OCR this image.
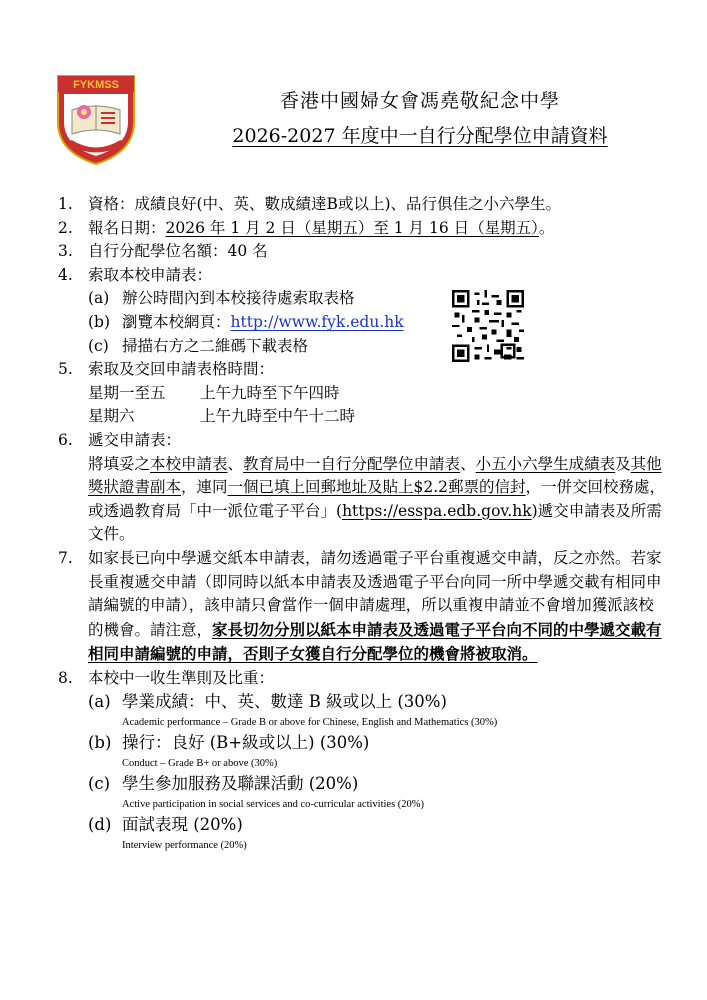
FYKMSS
香港中國婦女會馮堯敬紀念中學
2026-2027 年度中一自行分配學位申請資料
1. 資格：成績良好(中、英、數成績達B或以上)、品行俱佳之小六學生。
2. 報名日期：2026 年 1 月 2 日（星期五）至 1 月 16 日（星期五）。
3. 自行分配學位名額：40 名
4. 索取本校申請表：
(a) 辦公時間內到本校接待處索取表格
(b) 瀏覽本校網頁：http://www.fyk.edu.hk
(c) 掃描右方之二維碼下載表格
5. 索取及交回申請表格時間：
星期一至五	上午九時至下午四時
星期六	上午九時至中午十二時
6. 遞交申請表：
將填妥之本校申請表、教育局中一自行分配學位申請表、小五小六學生成績表及其他獎狀證書副本，連同一個已填上回郵地址及貼上$2.2郵票的信封，一併交回校務處，或透過教育局「中一派位電子平台」(https://esspa.edb.gov.hk)遞交申請表及所需文件。
7. 如家長已向中學遞交紙本申請表，請勿透過電子平台重複遞交申請，反之亦然。若家長重複遞交申請（即同時以紙本申請表及透過電子平台向同一所中學遞交載有相同申請編號的申請），該申請只會當作一個申請處理，所以重複申請並不會增加獲派該校的機會。請注意，家長切勿分別以紙本申請表及透過電子平台向不同的中學遞交載有相同申請編號的申請，否則子女獲自行分配學位的機會將被取消。
8. 本校中一收生準則及比重：
(a) 學業成績：中、英、數達 B 級或以上 (30%)
Academic performance – Grade B or above for Chinese, English and Mathematics (30%)
(b) 操行：良好 (B+級或以上) (30%)
Conduct – Grade B+ or above (30%)
(c) 學生參加服務及聯課活動 (20%)
Active participation in social services and co-curricular activities (20%)
(d) 面試表現 (20%)
Interview performance (20%)
